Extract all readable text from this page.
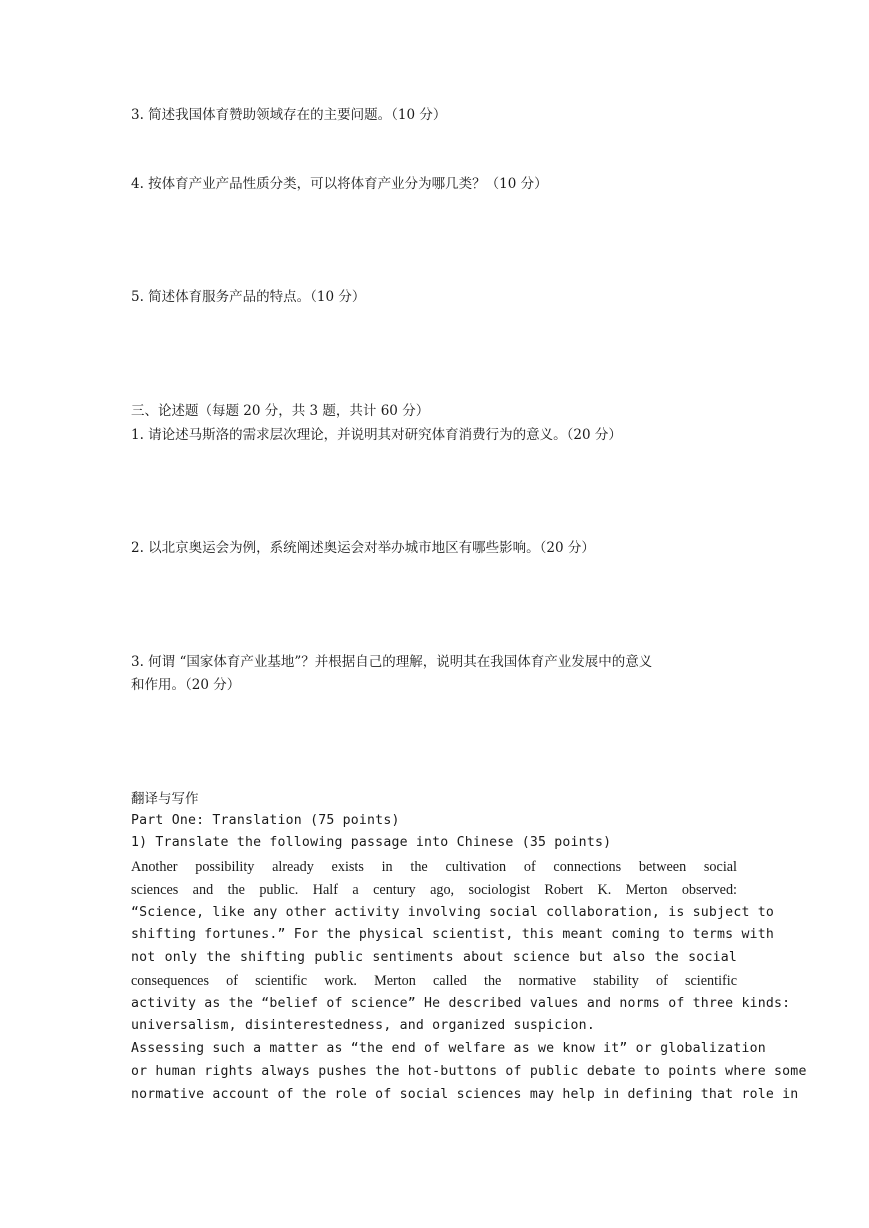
3. 简述我国体育赞助领域存在的主要问题。（10 分）
4. 按体育产业产品性质分类，可以将体育产业分为哪几类？（10 分）
5. 简述体育服务产品的特点。（10 分）
三、论述题（每题 20 分，共 3 题，共计 60 分）
1. 请论述马斯洛的需求层次理论，并说明其对研究体育消费行为的意义。（20 分）
2. 以北京奥运会为例，系统阐述奥运会对举办城市地区有哪些影响。（20 分）
3. 何谓 “国家体育产业基地”？并根据自己的理解，说明其在我国体育产业发展中的意义
和作用。（20 分）
翻译与写作
Part One: Translation (75 points)
1) Translate the following passage into Chinese (35 points)
Another possibility already exists in the cultivation of connections between social
sciences and the public. Half a century ago, sociologist Robert K. Merton observed:
“Science, like any other activity involving social collaboration, is subject to
shifting fortunes.” For the physical scientist, this meant coming to terms with
not only the shifting public sentiments about science but also the social
consequences of scientific work. Merton called the normative stability of scientific
activity as the “belief of science” He described values and norms of three kinds:
universalism, disinterestedness, and organized suspicion.
Assessing such a matter as “the end of welfare as we know it” or globalization
or human rights always pushes the hot-buttons of public debate to points where some
normative account of the role of social sciences may help in defining that role in
